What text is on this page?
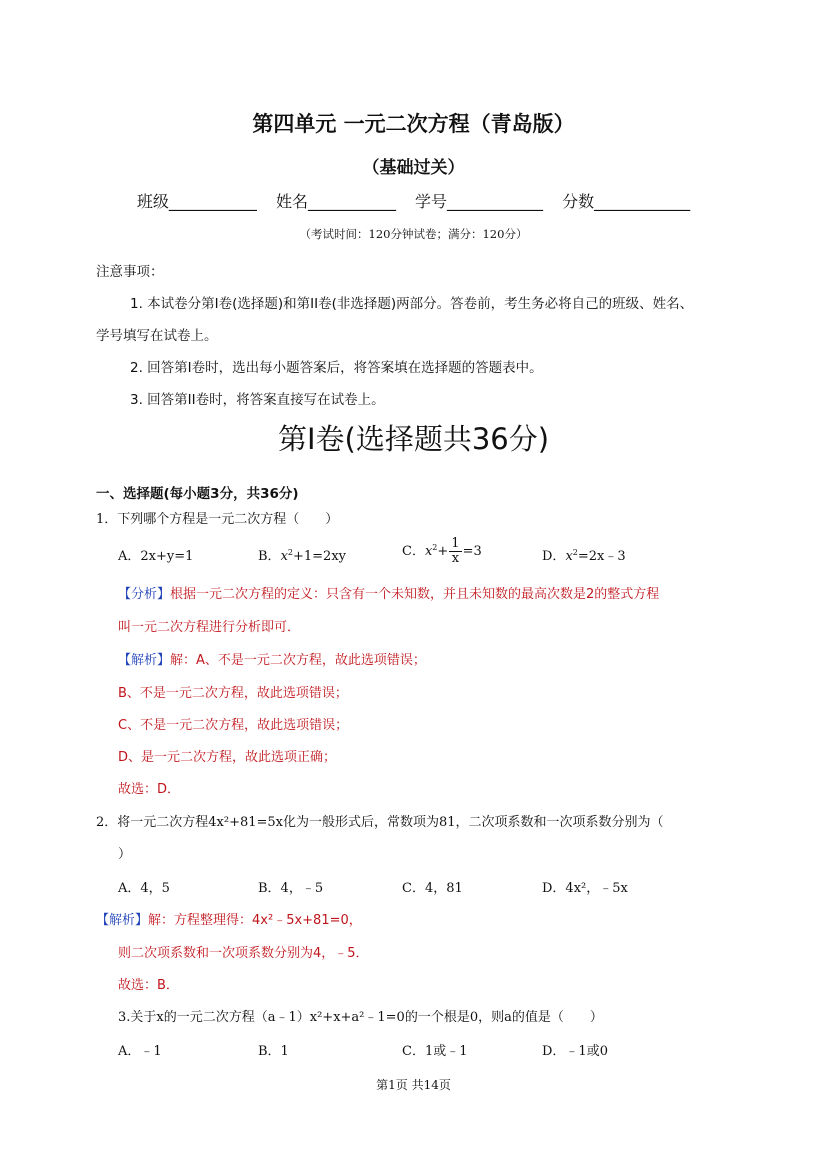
第四单元 一元二次方程（青岛版）
（基础过关）
班级___________ 姓名___________ 学号____________ 分数____________
（考试时间：120分钟试卷；满分：120分）
注意事项：
1. 本试卷分第I卷(选择题)和第II卷(非选择题)两部分。答卷前，考生务必将自己的班级、姓名、
学号填写在试卷上。
2. 回答第I卷时，选出每小题答案后，将答案填在选择题的答题表中。
3. 回答第II卷时，将答案直接写在试卷上。
第I卷(选择题共36分)
一、选择题(每小题3分，共36分)
1．下列哪个方程是一元二次方程（　　）
A．2x+y=1	B．$x^2+1=2xy$	C．$x^2+ \frac{1}{x} =3$	D．$x^2=2x﹣3$
【分析】根据一元二次方程的定义：只含有一个未知数，并且未知数的最高次数是2的整式方程
叫一元二次方程进行分析即可．
【解析】解：A、不是一元二次方程，故此选项错误；
B、不是一元二次方程，故此选项错误；
C、不是一元二次方程，故此选项错误；
D、是一元二次方程，故此选项正确；
故选：D．
2．将一元二次方程4x²+81=5x化为一般形式后，常数项为81，二次项系数和一次项系数分别为（
）
A．4，5	B．4，﹣5	C．4，81	D．4x²，﹣5x
【解析】解：方程整理得：4x²﹣5x+81=0，
则二次项系数和一次项系数分别为4，﹣5．
故选：B．
3.关于x的一元二次方程（a﹣1）x²+x+a²﹣1=0的一个根是0，则a的值是（　　）
A．﹣1	B．1	C．1或﹣1	D．﹣1或0
第1页 共14页
